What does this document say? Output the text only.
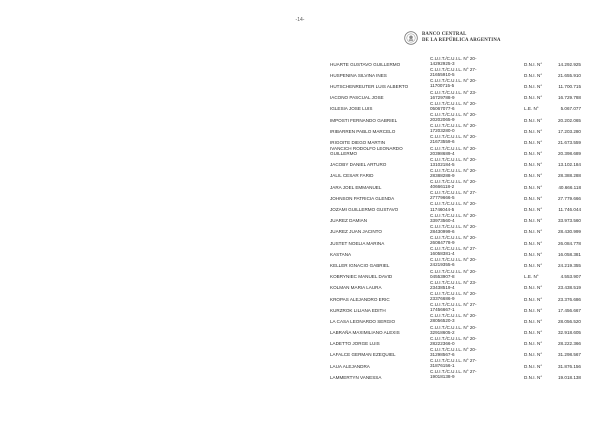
-14-
BANCO CENTRAL
DE LA REPÚBLICA ARGENTINA
HUARTE GUSTAVO GUILLERMO
C.U.I.T./C.U.I.L. N° 20-
14292925-3	D.N.I. N°	14.292.925
HUSPENINA SILVINA INES
C.U.I.T./C.U.I.L. N° 27-
21655910-5	D.N.I. N°	21.655.910
HUTSCHENREUTER LUIS ALBERTO
C.U.I.T./C.U.I.L. N° 20-
11700715-5	D.N.I. N°	11.700.715
IACONO PASCUAL JOSE
C.U.I.T./C.U.I.L. N° 23-
16729788-9	D.N.I. N°	16.729.788
IGLESIA JOSE LUIS
C.U.I.T./C.U.I.L. N° 20-
05067077-6	L.E. N°	5.067.077
IMPOSTI FERNANDO GABRIEL
C.U.I.T./C.U.I.L. N° 20-
20202065-9	D.N.I. N°	20.202.065
IRIBARREN PABLO MARCELO
C.U.I.T./C.U.I.L. N° 20-
17203280-0	D.N.I. N°	17.203.280
IRIGOITE DIEGO MARTIN
C.U.I.T./C.U.I.L. N° 20-
21673559-6	D.N.I. N°	21.673.559
IVANCICH RODOLFO LEONARDO GUILLERMO
C.U.I.T./C.U.I.L. N° 20-
20398689-4	D.N.I. N°	20.398.689
JACOBY DANIEL ARTURO
C.U.I.T./C.U.I.L. N° 20-
13102184-5	D.N.I. N°	13.102.184
JALIL CESAR FARID
C.U.I.T./C.U.I.L. N° 20-
28388288-9	D.N.I. N°	28.388.288
JARA JOEL EMMANUEL
C.U.I.T./C.U.I.L. N° 20-
40666118-2	D.N.I. N°	40.666.118
JOHNSON PATRICIA GLENDA
C.U.I.T./C.U.I.L. N° 27-
27779666-5	D.N.I. N°	27.779.666
JOZAMI GUILLERMO GUSTAVO
C.U.I.T./C.U.I.L. N° 20-
11746044-5	D.N.I. N°	11.746.044
JUAREZ DAMIAN
C.U.I.T./C.U.I.L. N° 20-
33973560-4	D.N.I. N°	33.973.560
JUAREZ JUAN JACINTO
C.U.I.T./C.U.I.L. N° 20-
28430999-6	D.N.I. N°	28.430.999
JUSTET NOELIA MARINA
C.U.I.T./C.U.I.L. N° 20-
26084778-9	D.N.I. N°	26.084.778
KASTANA
C.U.I.T./C.U.I.L. N° 27-
16058381-4	D.N.I. N°	16.058.381
KELLER IGNACIO GABRIEL
C.U.I.T./C.U.I.L. N° 20-
24219355-6	D.N.I. N°	24.219.355
KOBRYNIEC MANUEL DAVID
C.U.I.T./C.U.I.L. N° 20-
04553907-8	L.E. N°	4.553.907
KOLMAN MARIA LAURA
C.U.I.T./C.U.I.L. N° 23-
23438519-4	D.N.I. N°	23.438.519
KROPAS ALEJANDRO ERIC
C.U.I.T./C.U.I.L. N° 20-
23376686-9	D.N.I. N°	23.376.686
KURZROK LILIANA EDITH
C.U.I.T./C.U.I.L. N° 27-
17456667-1	D.N.I. N°	17.456.667
LA CASA LEONARDO SERGIO
C.U.I.T./C.U.I.L. N° 20-
28056520-3	D.N.I. N°	28.056.520
LABRAÑA MAXIMILIANO ALEXIS
C.U.I.T./C.U.I.L. N° 20-
32918605-2	D.N.I. N°	32.918.605
LADETTO JORGE LUIS
C.U.I.T./C.U.I.L. N° 20-
28222366-0	D.N.I. N°	28.222.366
LAFALCE GERMAN EZEQUIEL
C.U.I.T./C.U.I.L. N° 20-
31298567-6	D.N.I. N°	31.298.567
LAUA ALEJANDRA
C.U.I.T./C.U.I.L. N° 27-
31876156-1	D.N.I. N°	31.876.156
LAMMERTYN VANESSA
C.U.I.T./C.U.I.L. N° 27-
19018138-9	D.N.I. N°	19.018.138
